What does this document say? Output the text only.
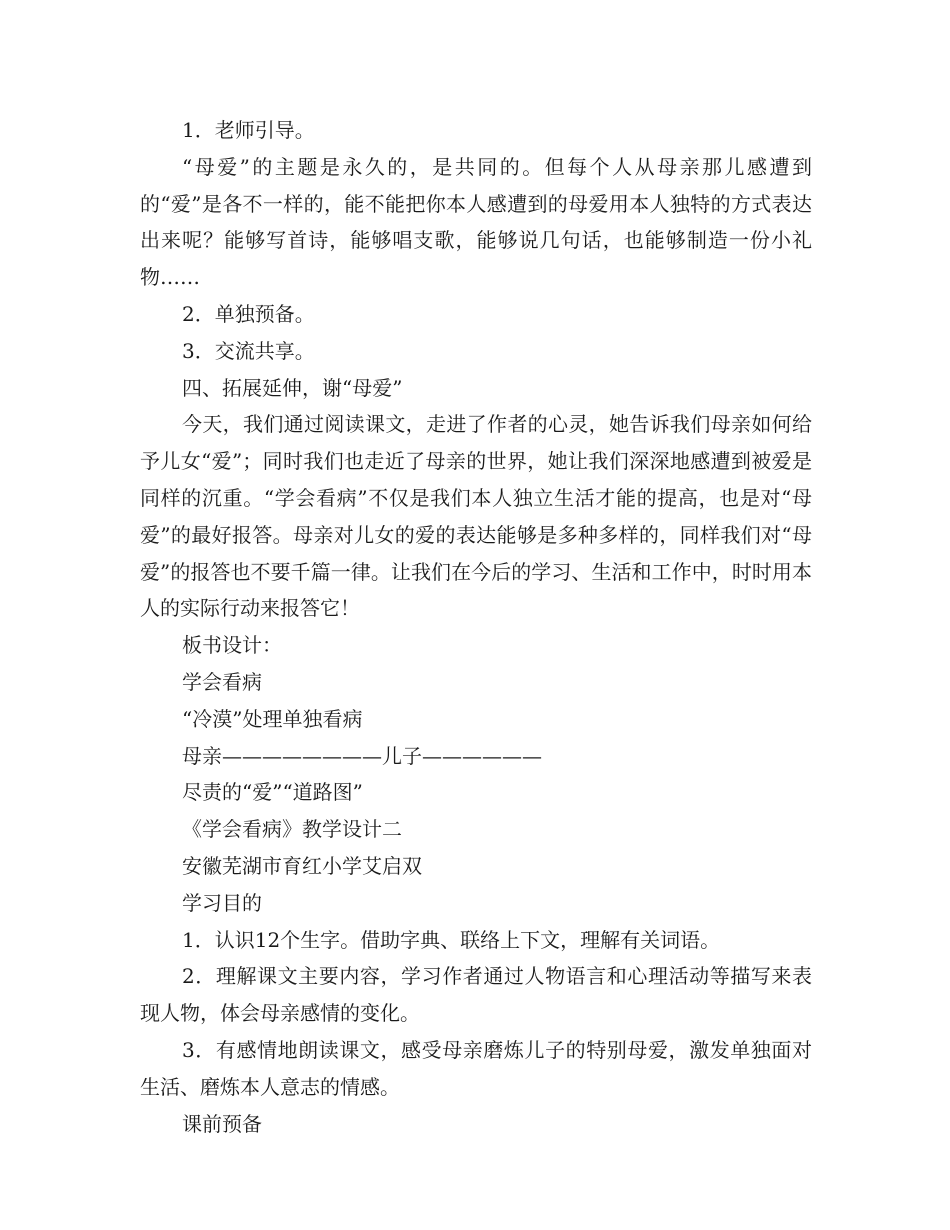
1．老师引导。

“母爱”的主题是永久的，是共同的。但每个人从母亲那儿感遭到的“爱”是各不一样的，能不能把你本人感遭到的母爱用本人独特的方式表达出来呢？能够写首诗，能够唱支歌，能够说几句话，也能够制造一份小礼物……

2．单独预备。

3．交流共享。

四、拓展延伸，谢“母爱”

今天，我们通过阅读课文，走进了作者的心灵，她告诉我们母亲如何给予儿女“爱”；同时我们也走近了母亲的世界，她让我们深深地感遭到被爱是同样的沉重。“学会看病”不仅是我们本人独立生活才能的提高，也是对“母爱”的最好报答。母亲对儿女的爱的表达能够是多种多样的，同样我们对“母爱”的报答也不要千篇一律。让我们在今后的学习、生活和工作中，时时用本人的实际行动来报答它！

板书设计：

学会看病

“冷漠”处理单独看病

母亲————————儿子——————

尽责的“爱”“道路图”

《学会看病》教学设计二

安徽芜湖市育红小学艾启双

学习目的

1．认识12个生字。借助字典、联络上下文，理解有关词语。

2．理解课文主要内容，学习作者通过人物语言和心理活动等描写来表现人物，体会母亲感情的变化。

3．有感情地朗读课文，感受母亲磨炼儿子的特别母爱，激发单独面对生活、磨炼本人意志的情感。

课前预备
